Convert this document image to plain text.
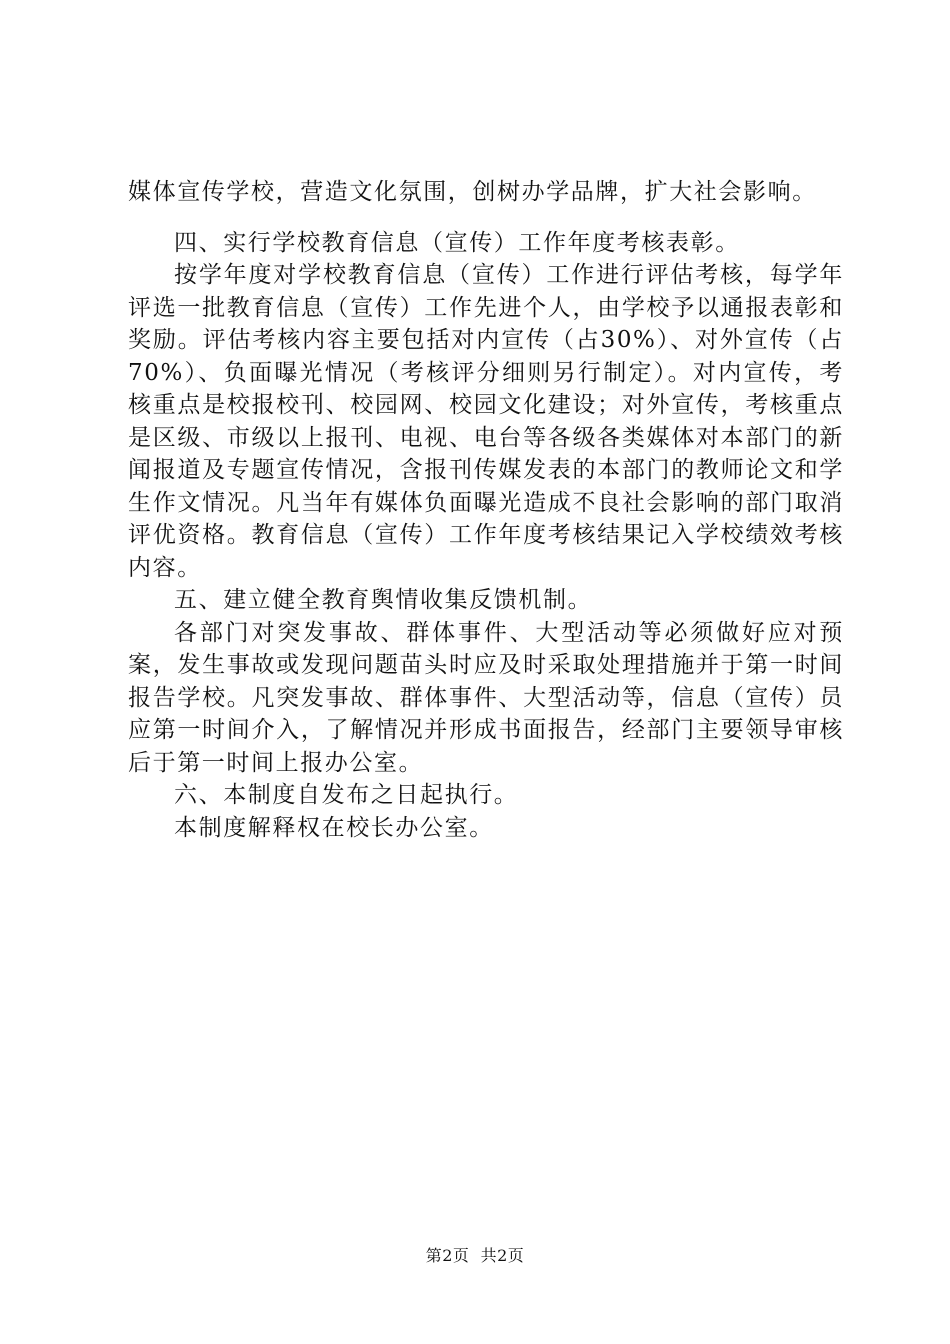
媒体宣传学校，营造文化氛围，创树办学品牌，扩大社会影响。

四、实行学校教育信息（宣传）工作年度考核表彰。

按学年度对学校教育信息（宣传）工作进行评估考核，每学年评选一批教育信息（宣传）工作先进个人，由学校予以通报表彰和奖励。评估考核内容主要包括对内宣传（占30%）、对外宣传（占70%）、负面曝光情况（考核评分细则另行制定）。对内宣传，考核重点是校报校刊、校园网、校园文化建设；对外宣传，考核重点是区级、市级以上报刊、电视、电台等各级各类媒体对本部门的新闻报道及专题宣传情况，含报刊传媒发表的本部门的教师论文和学生作文情况。凡当年有媒体负面曝光造成不良社会影响的部门取消评优资格。教育信息（宣传）工作年度考核结果记入学校绩效考核内容。

五、建立健全教育舆情收集反馈机制。

各部门对突发事故、群体事件、大型活动等必须做好应对预案，发生事故或发现问题苗头时应及时采取处理措施并于第一时间报告学校。凡突发事故、群体事件、大型活动等，信息（宣传）员应第一时间介入，了解情况并形成书面报告，经部门主要领导审核后于第一时间上报办公室。

六、本制度自发布之日起执行。

本制度解释权在校长办公室。

第2页  共2页
